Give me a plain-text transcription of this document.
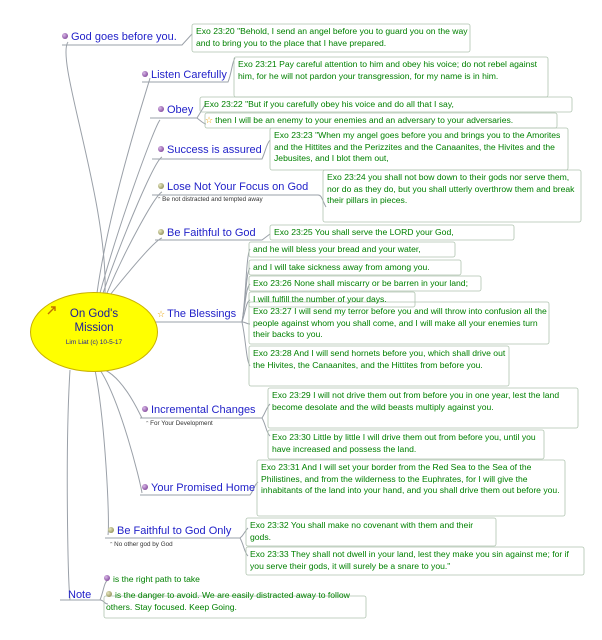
On God's
Mission
Lim Liat (c) 10-5-17
God goes before you.
Listen Carefully
Obey
Success is assured
Lose Not Your Focus on God
ᵔ Be not distracted and tempted away
Be Faithful to God
☆ The Blessings
Incremental Changes
ᵔ For Your Development
Your Promised Home
Be Faithful to God Only
ᵔ No other god by God
Note
is the right path to take
is the danger to avoid. We are easily distracted away to follow others. Stay focused. Keep Going.
Exo 23:20 "Behold, I send an angel before you to guard you on the way and to bring you to the place that I have prepared.
Exo 23:21 Pay careful attention to him and obey his voice; do not rebel against him, for he will not pardon your transgression, for my name is in him.
Exo 23:22 "But if you carefully obey his voice and do all that I say,
☆ then I will be an enemy to your enemies and an adversary to your adversaries.
Exo 23:23 "When my angel goes before you and brings you to the Amorites and the Hittites and the Perizzites and the Canaanites, the Hivites and the Jebusites, and I blot them out,
Exo 23:24 you shall not bow down to their gods nor serve them, nor do as they do, but you shall utterly overthrow them and break their pillars in pieces.
Exo 23:25 You shall serve the LORD your God,
and he will bless your bread and your water,
and I will take sickness away from among you.
Exo 23:26 None shall miscarry or be barren in your land;
I will fulfill the number of your days.
Exo 23:27 I will send my terror before you and will throw into confusion all the people against whom you shall come, and I will make all your enemies turn their backs to you.
Exo 23:28 And I will send hornets before you, which shall drive out the Hivites, the Canaanites, and the Hittites from before you.
Exo 23:29 I will not drive them out from before you in one year, lest the land become desolate and the wild beasts multiply against you.
Exo 23:30 Little by little I will drive them out from before you, until you have increased and possess the land.
Exo 23:31 And I will set your border from the Red Sea to the Sea of the Philistines, and from the wilderness to the Euphrates, for I will give the inhabitants of the land into your hand, and you shall drive them out before you.
Exo 23:32 You shall make no covenant with them and their gods.
Exo 23:33 They shall not dwell in your land, lest they make you sin against me; for if you serve their gods, it will surely be a snare to you."
